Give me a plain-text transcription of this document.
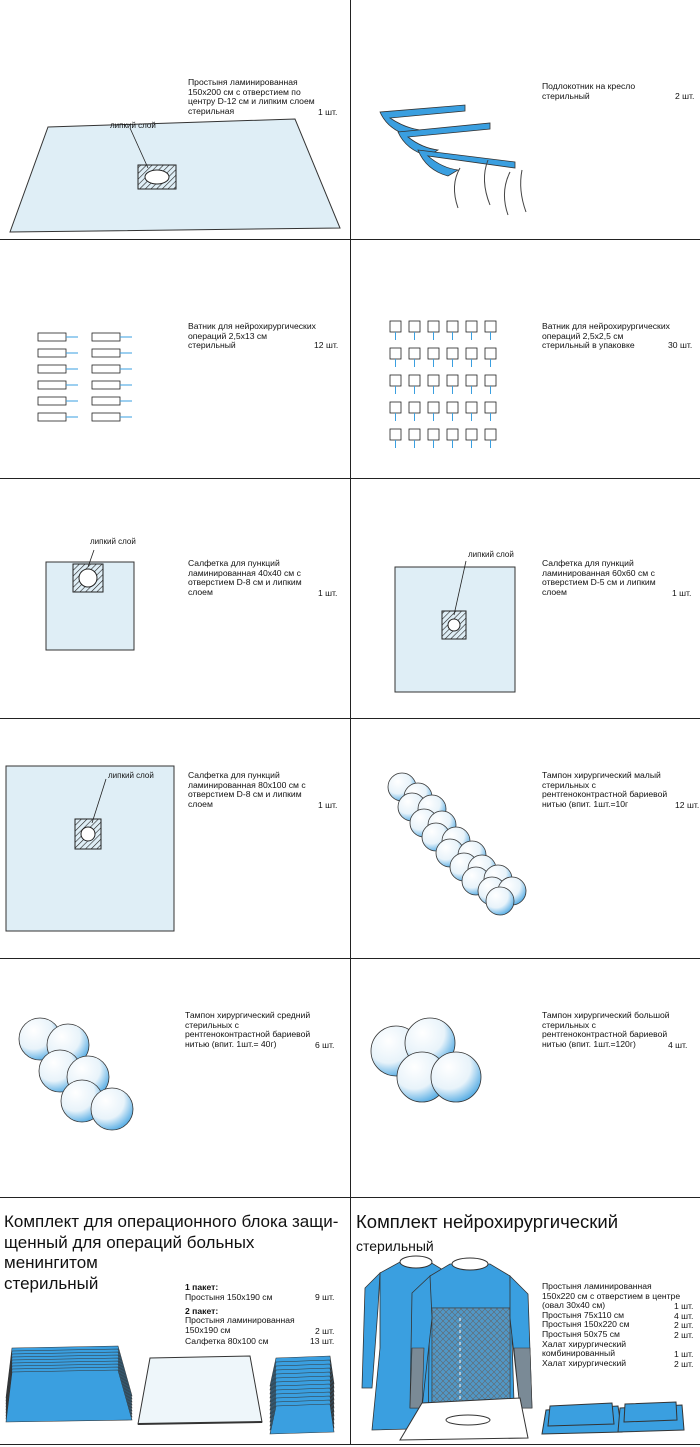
липкий слой
Простыня ламинированная
150x200 см с отверстием по
центру D-12 см и липким слоем
стерильная	1 шт.
Подлокотник на кресло
стерильный	2 шт.
Ватник для нейрохирургических
операций 2,5x13 см
стерильный	12 шт.
Ватник для нейрохирургических
операций 2,5x2,5 см
стерильный в упаковке	30 шт.
липкий слой
Салфетка для пункций
ламинированная 40x40 см с
отверстием D-8 см и липким
слоем	1 шт.
липкий слой
Салфетка для пункций
ламинированная 60x60 см с
отверстием D-5 см и липким
слоем	1 шт.
липкий слой	Салфетка для пункций
ламинированная 80x100 см с
отверстием D-8 см и липким
слоем	1 шт.
Тампон хирургический малый
стерильных с
рентгеноконтрастной бариевой
нитью (впит. 1шт.=10г	12 шт.
Тампон хирургический средний
стерильных с
рентгеноконтрастной бариевой
нитью (впит. 1шт.= 40г)	6 шт.
Тампон хирургический большой
стерильных с
рентгеноконтрастной бариевой
нитью (впит. 1шт.=120г)	4 шт.
Комплект для операционного блока защи-
щенный для операций больных менингитом
стерильный	1 пакет:
Простыня 150x190 см	9 шт.
2 пакет:
Простыня ламинированная
150x190 см	2 шт.
Салфетка 80x100 см	13 шт.
Комплект нейрохирургический
стерильный
Простыня ламинированная
150x220 см с отверстием в центре
(овал 30x40 см)	1 шт.
Простыня 75x110 см	4 шт.
Простыня 150x220 см	2 шт.
Простыня 50x75 см	2 шт.
Халат хирургический
комбинированный	1 шт.
Халат хирургический	2 шт.
